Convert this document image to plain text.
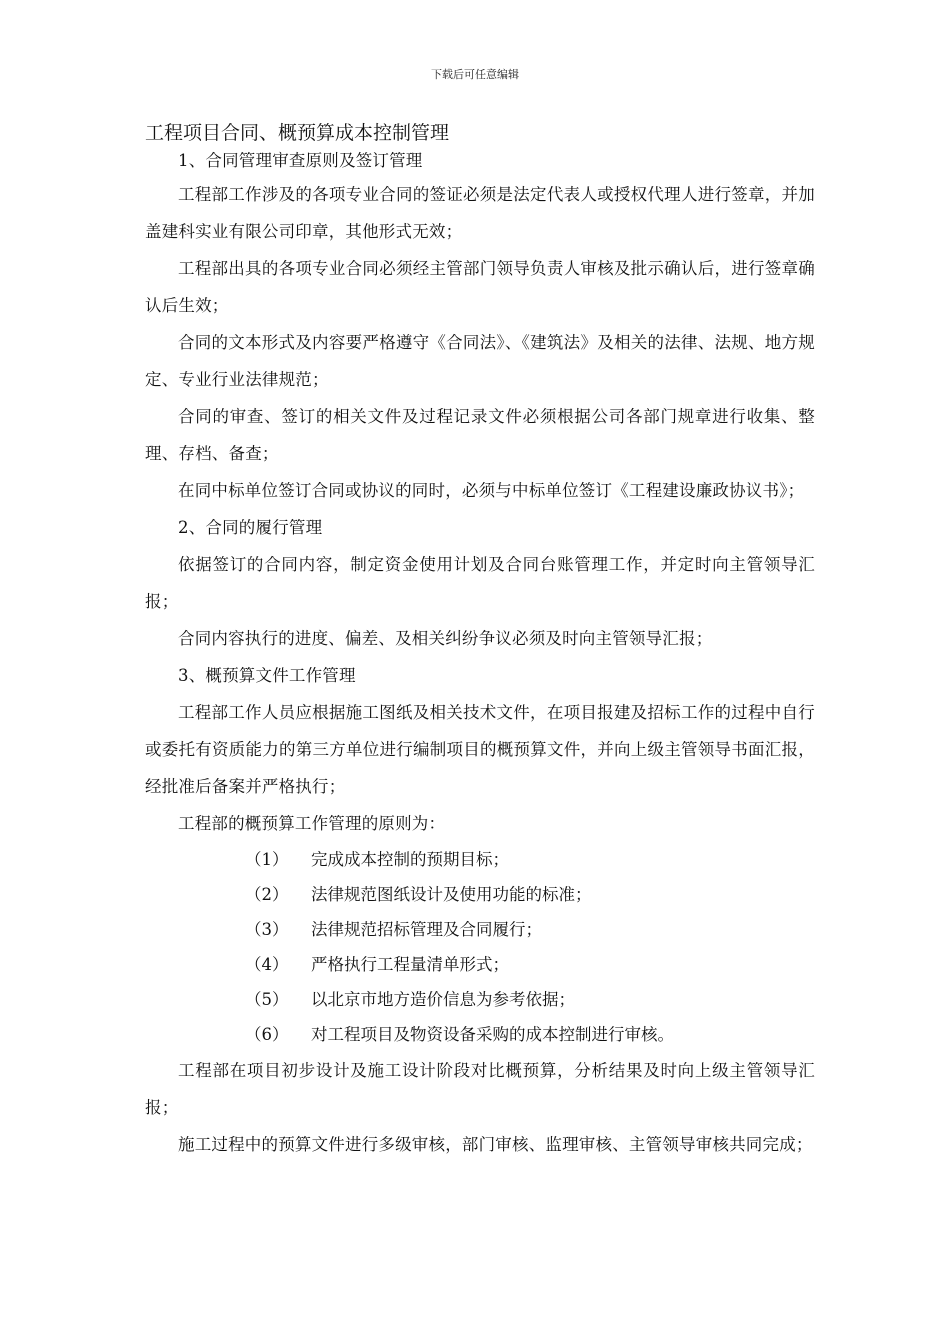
下载后可任意编辑
工程项目合同、概预算成本控制管理

1、合同管理审查原则及签订管理

工程部工作涉及的各项专业合同的签证必须是法定代表人或授权代理人进行签章，并加盖建科实业有限公司印章，其他形式无效；

工程部出具的各项专业合同必须经主管部门领导负责人审核及批示确认后，进行签章确认后生效；

合同的文本形式及内容要严格遵守《合同法》、《建筑法》及相关的法律、法规、地方规定、专业行业法律规范；

合同的审查、签订的相关文件及过程记录文件必须根据公司各部门规章进行收集、整理、存档、备查；

在同中标单位签订合同或协议的同时，必须与中标单位签订《工程建设廉政协议书》；

2、合同的履行管理

依据签订的合同内容，制定资金使用计划及合同台账管理工作，并定时向主管领导汇报；

合同内容执行的进度、偏差、及相关纠纷争议必须及时向主管领导汇报；

3、概预算文件工作管理

工程部工作人员应根据施工图纸及相关技术文件，在项目报建及招标工作的过程中自行或委托有资质能力的第三方单位进行编制项目的概预算文件，并向上级主管领导书面汇报，经批准后备案并严格执行；

工程部的概预算工作管理的原则为：

（1）	完成成本控制的预期目标；
（2）	法律规范图纸设计及使用功能的标准；
（3）	法律规范招标管理及合同履行；
（4）	严格执行工程量清单形式；
（5）	以北京市地方造价信息为参考依据；
（6）	对工程项目及物资设备采购的成本控制进行审核。

工程部在项目初步设计及施工设计阶段对比概预算，分析结果及时向上级主管领导汇报；

施工过程中的预算文件进行多级审核，部门审核、监理审核、主管领导审核共同完成；
